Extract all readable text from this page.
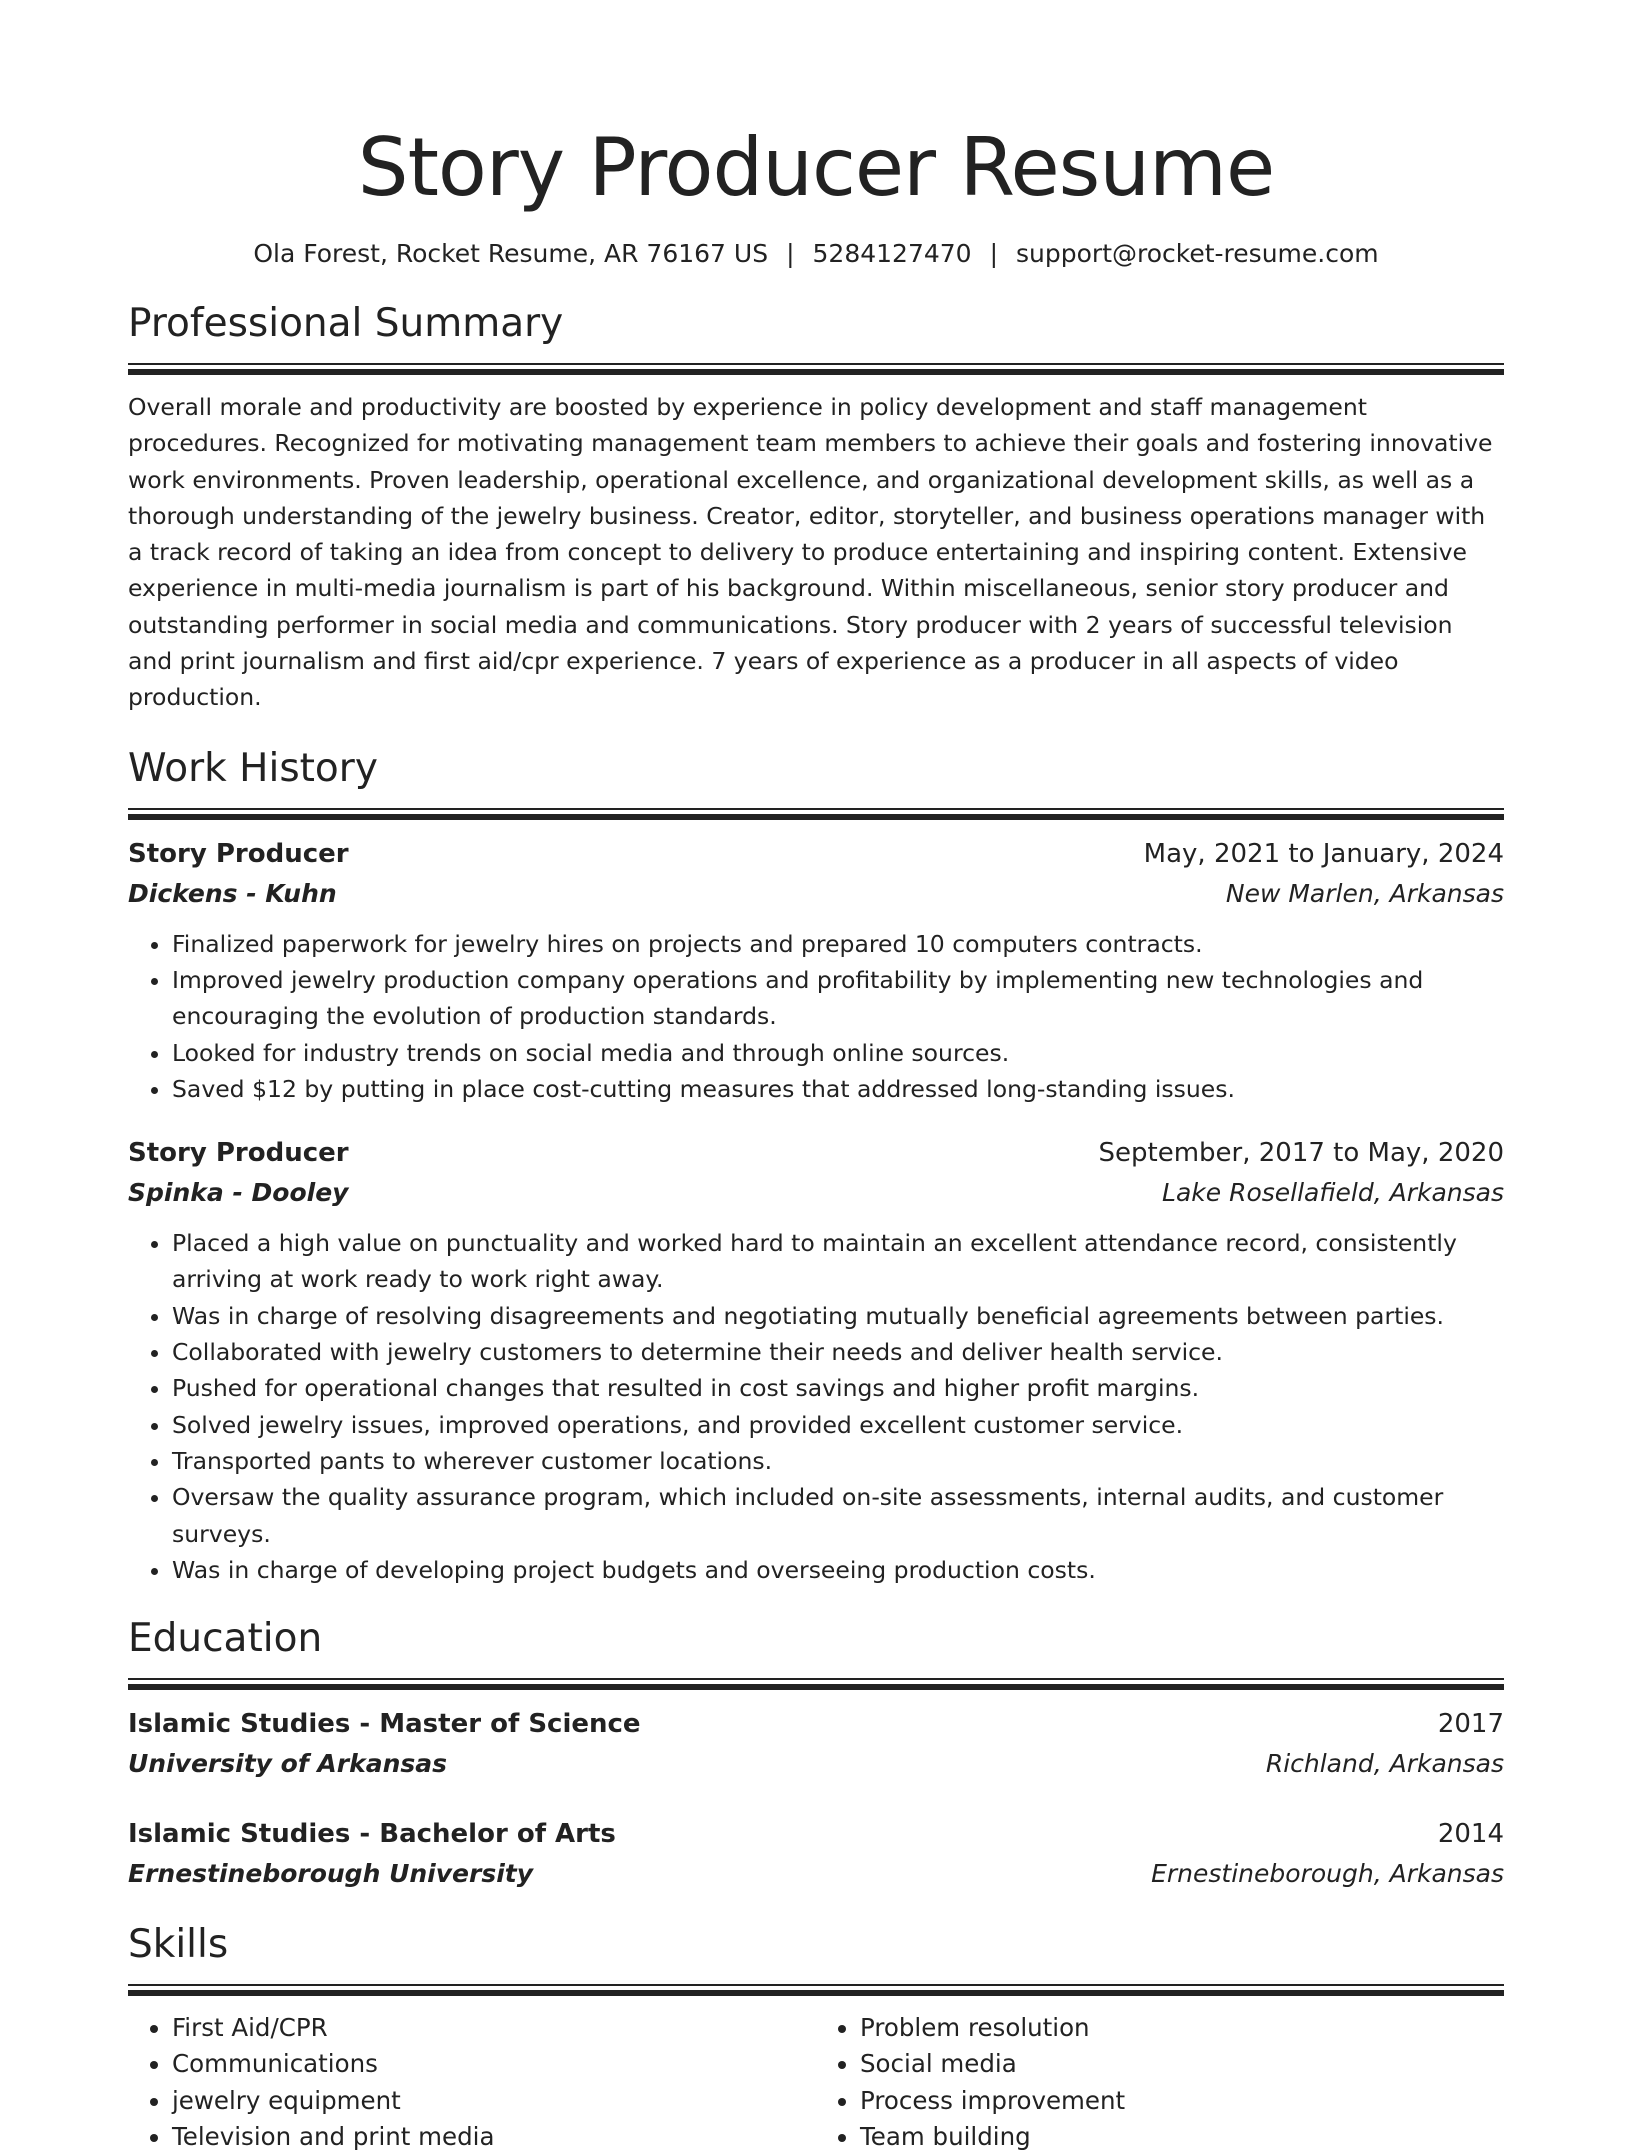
Story Producer Resume
Ola Forest, Rocket Resume, AR 76167 US | 5284127470 | support@rocket-resume.com
Professional Summary

Overall morale and productivity are boosted by experience in policy development and staff management procedures. Recognized for motivating management team members to achieve their goals and fostering innovative work environments. Proven leadership, operational excellence, and organizational development skills, as well as a thorough understanding of the jewelry business. Creator, editor, storyteller, and business operations manager with a track record of taking an idea from concept to delivery to produce entertaining and inspiring content. Extensive experience in multi-media journalism is part of his background. Within miscellaneous, senior story producer and outstanding performer in social media and communications. Story producer with 2 years of successful television and print journalism and first aid/cpr experience. 7 years of experience as a producer in all aspects of video production.

Work History
Story Producer	May, 2021 to January, 2024
Dickens - Kuhn	New Marlen, Arkansas
• Finalized paperwork for jewelry hires on projects and prepared 10 computers contracts.
• Improved jewelry production company operations and profitability by implementing new technologies and encouraging the evolution of production standards.
• Looked for industry trends on social media and through online sources.
• Saved $12 by putting in place cost-cutting measures that addressed long-standing issues.
Story Producer	September, 2017 to May, 2020
Spinka - Dooley	Lake Rosellafield, Arkansas
• Placed a high value on punctuality and worked hard to maintain an excellent attendance record, consistently arriving at work ready to work right away.
• Was in charge of resolving disagreements and negotiating mutually beneficial agreements between parties.
• Collaborated with jewelry customers to determine their needs and deliver health service.
• Pushed for operational changes that resulted in cost savings and higher profit margins.
• Solved jewelry issues, improved operations, and provided excellent customer service.
• Transported pants to wherever customer locations.
• Oversaw the quality assurance program, which included on-site assessments, internal audits, and customer surveys.
• Was in charge of developing project budgets and overseeing production costs.
Education
Islamic Studies - Master of Science	2017
University of Arkansas	Richland, Arkansas
Islamic Studies - Bachelor of Arts	2014
Ernestineborough University	Ernestineborough, Arkansas
Skills
• First Aid/CPR
• Communications
• jewelry equipment
• Television and print media
• Problem resolution
• Social media
• Process improvement
• Team building
